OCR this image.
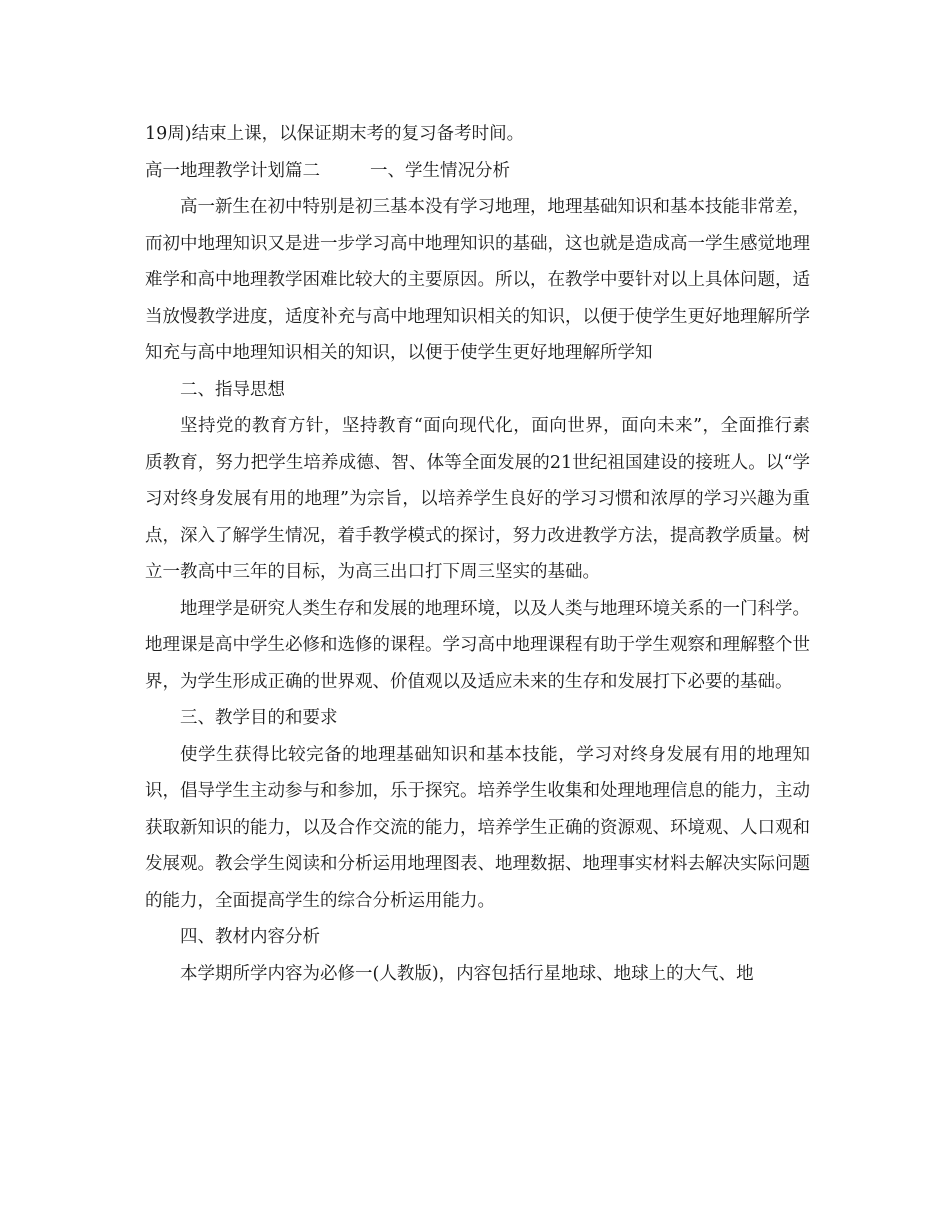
19周)结束上课，以保证期末考的复习备考时间。

高一地理教学计划篇二	一、学生情况分析

高一新生在初中特别是初三基本没有学习地理，地理基础知识和基本技能非常差，而初中地理知识又是进一步学习高中地理知识的基础，这也就是造成高一学生感觉地理难学和高中地理教学困难比较大的主要原因。所以，在教学中要针对以上具体问题，适当放慢教学进度，适度补充与高中地理知识相关的知识，以便于使学生更好地理解所学知充与高中地理知识相关的知识，以便于使学生更好地理解所学知

二、指导思想

坚持党的教育方针，坚持教育“面向现代化，面向世界，面向未来”，全面推行素质教育，努力把学生培养成德、智、体等全面发展的21世纪祖国建设的接班人。以“学习对终身发展有用的地理”为宗旨，以培养学生良好的学习习惯和浓厚的学习兴趣为重点，深入了解学生情况，着手教学模式的探讨，努力改进教学方法，提高教学质量。树立一教高中三年的目标，为高三出口打下周三坚实的基础。

地理学是研究人类生存和发展的地理环境，以及人类与地理环境关系的一门科学。地理课是高中学生必修和选修的课程。学习高中地理课程有助于学生观察和理解整个世界，为学生形成正确的世界观、价值观以及适应未来的生存和发展打下必要的基础。

三、教学目的和要求

使学生获得比较完备的地理基础知识和基本技能，学习对终身发展有用的地理知识，倡导学生主动参与和参加，乐于探究。培养学生收集和处理地理信息的能力，主动获取新知识的能力，以及合作交流的能力，培养学生正确的资源观、环境观、人口观和发展观。教会学生阅读和分析运用地理图表、地理数据、地理事实材料去解决实际问题的能力，全面提高学生的综合分析运用能力。

四、教材内容分析

本学期所学内容为必修一(人教版)，内容包括行星地球、地球上的大气、地
